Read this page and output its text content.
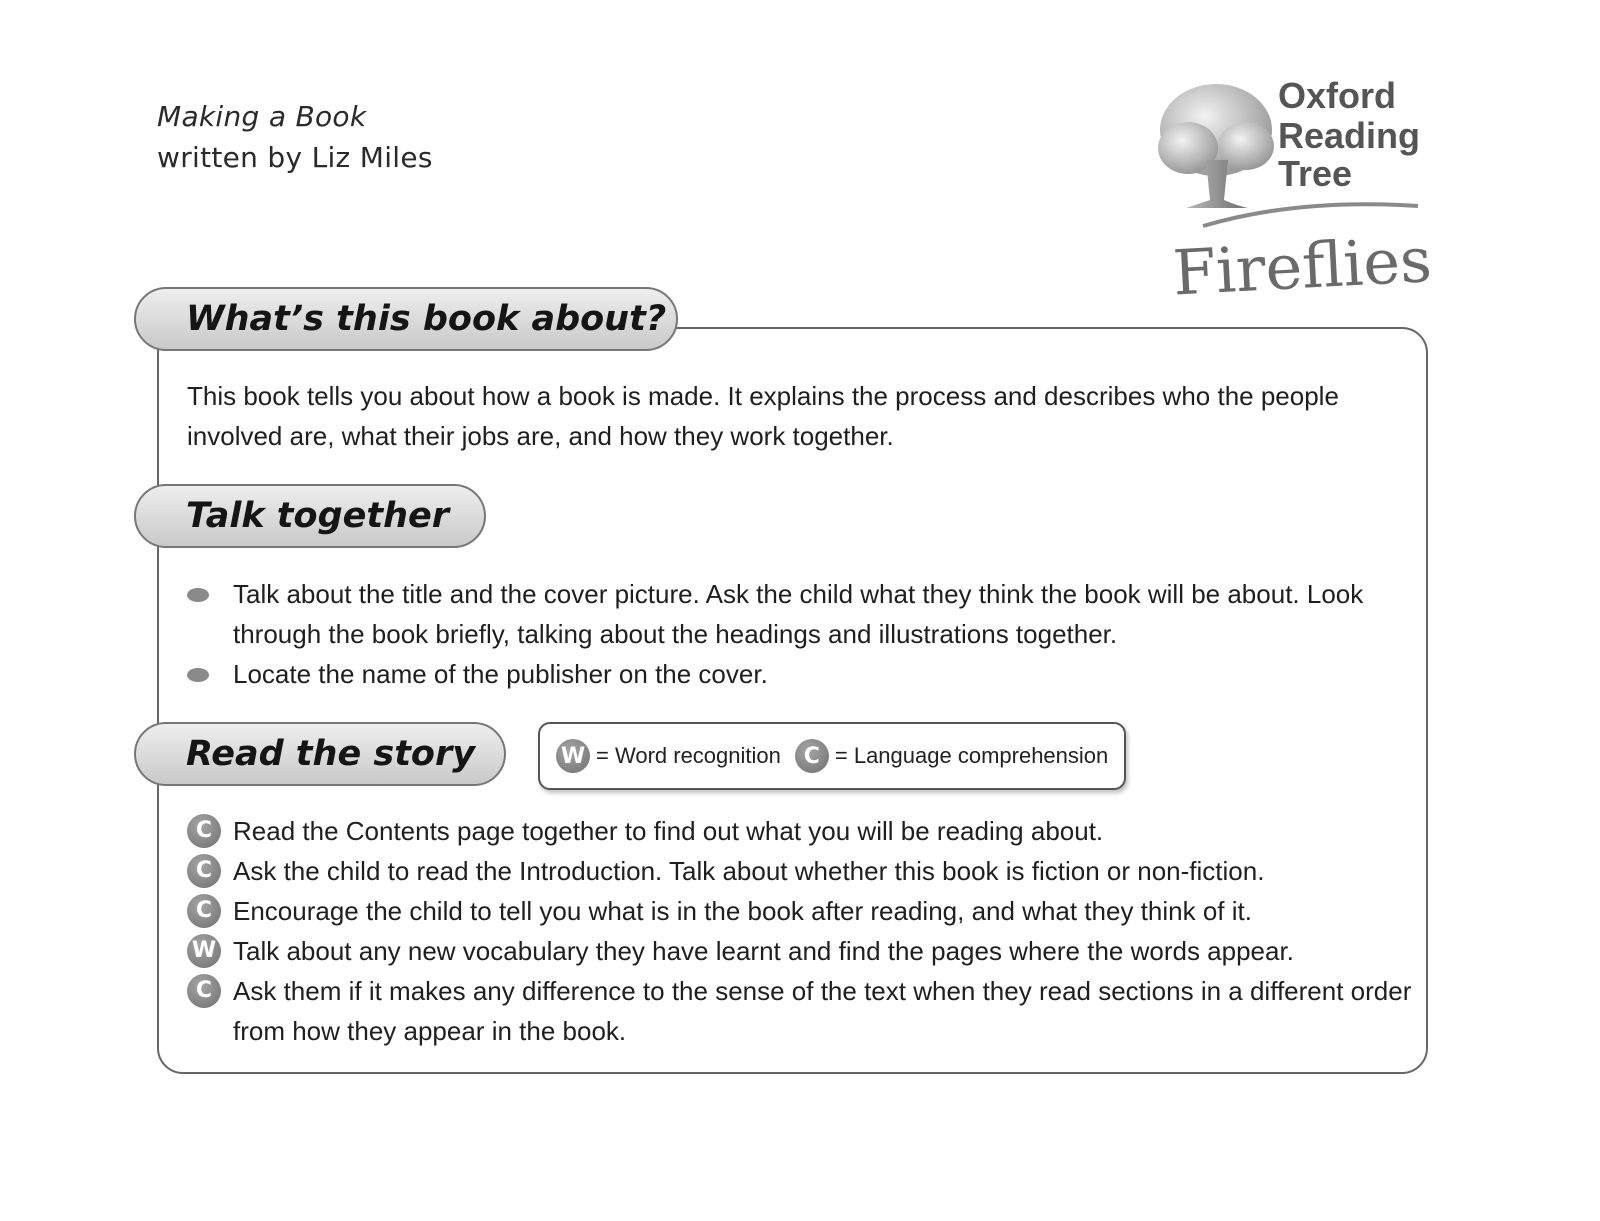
Making a Book
written by Liz Miles
Oxford
Reading
Tree
Fireflies
What’s this book about?
This book tells you about how a book is made. It explains the process and describes who the people involved are, what their jobs are, and how they work together.
Talk together
Talk about the title and the cover picture. Ask the child what they think the book will be about. Look through the book briefly, talking about the headings and illustrations together.
Locate the name of the publisher on the cover.
Read the story	W = Word recognition	C = Language comprehension
C Read the Contents page together to find out what you will be reading about.
C Ask the child to read the Introduction. Talk about whether this book is fiction or non-fiction.
C Encourage the child to tell you what is in the book after reading, and what they think of it.
W Talk about any new vocabulary they have learnt and find the pages where the words appear.
C Ask them if it makes any difference to the sense of the text when they read sections in a different order from how they appear in the book.
